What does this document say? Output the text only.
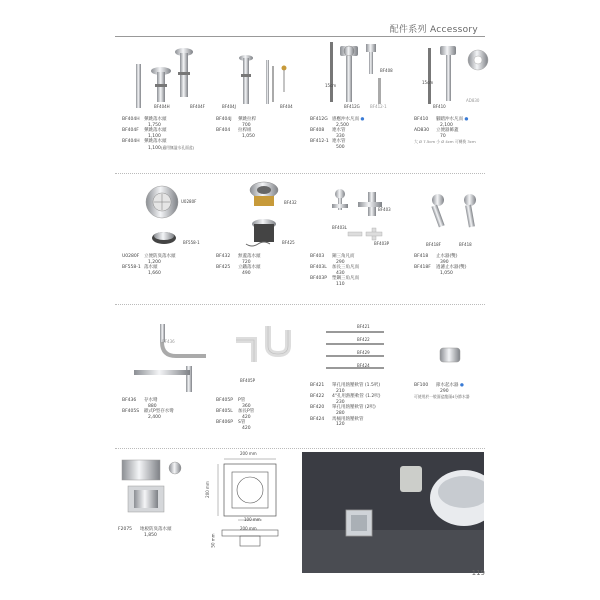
配件系列 Accessory
BF404H	BF404F
BF404H 彈跳落水頭
1,750
BF404F 彈跳落水頭
1,100
BF404H 彈跳落水頭
1,100(適用無溢水孔面盆)
BF404J	BF404
BF404J 彈跳拉桿
700
BF404 拉桿組
1,050
BF408
15cm
BF412G	BF412-1
BF412G 感應沖水凡而 ●
2,500
BF408 連水管
330
BF412-1 連水管
500
15cm
BF410
AD830
BF410 腳踏沖水凡而 ●
2,100
AD830 立便器飾蓋
70
大 Ø 7.5cm 小 Ø 4cm 可轉換 3cm
U0280F
BF558-1
U0280F 立便防臭落水頭
1,200
BF558-1 落水頭
1,660
BF432
BF425
BF432 無蓋落水頭
720
BF425 立鐵落水頭
490
BF403
BF403L
BF403P
BF403 銅三角凡而
290
BF403L 加長三角凡而
430
BF403P 塑鋼三角凡而
110
BF418F	BF418
BF418 止水器(雙)
390
BF418F 過濾止水器(雙)
1,050
BF436
BF436 存水彎
880
BF405S 歐式P型存水彎
2,400
BF405P
BF405P P管
360
BF405L 加長P管
420
BF406P S管
420
BF421
BF422
BF429
BF424
BF421 單孔用熱壓軟管 (1.5呎)
210
BF422 4"孔用熱壓軟管 (1.2呎)
230
BF420 單孔用熱壓軟管 (2呎)
280
BF424 馬桶用熱壓軟管
120
BF100 節水起水器 ●
290
可使用於一般面盆龍頭4分節水器
F2075 地板防臭落水頭
1,850
200 mm
200 mm
100 mm
200 mm
50 mm
119
